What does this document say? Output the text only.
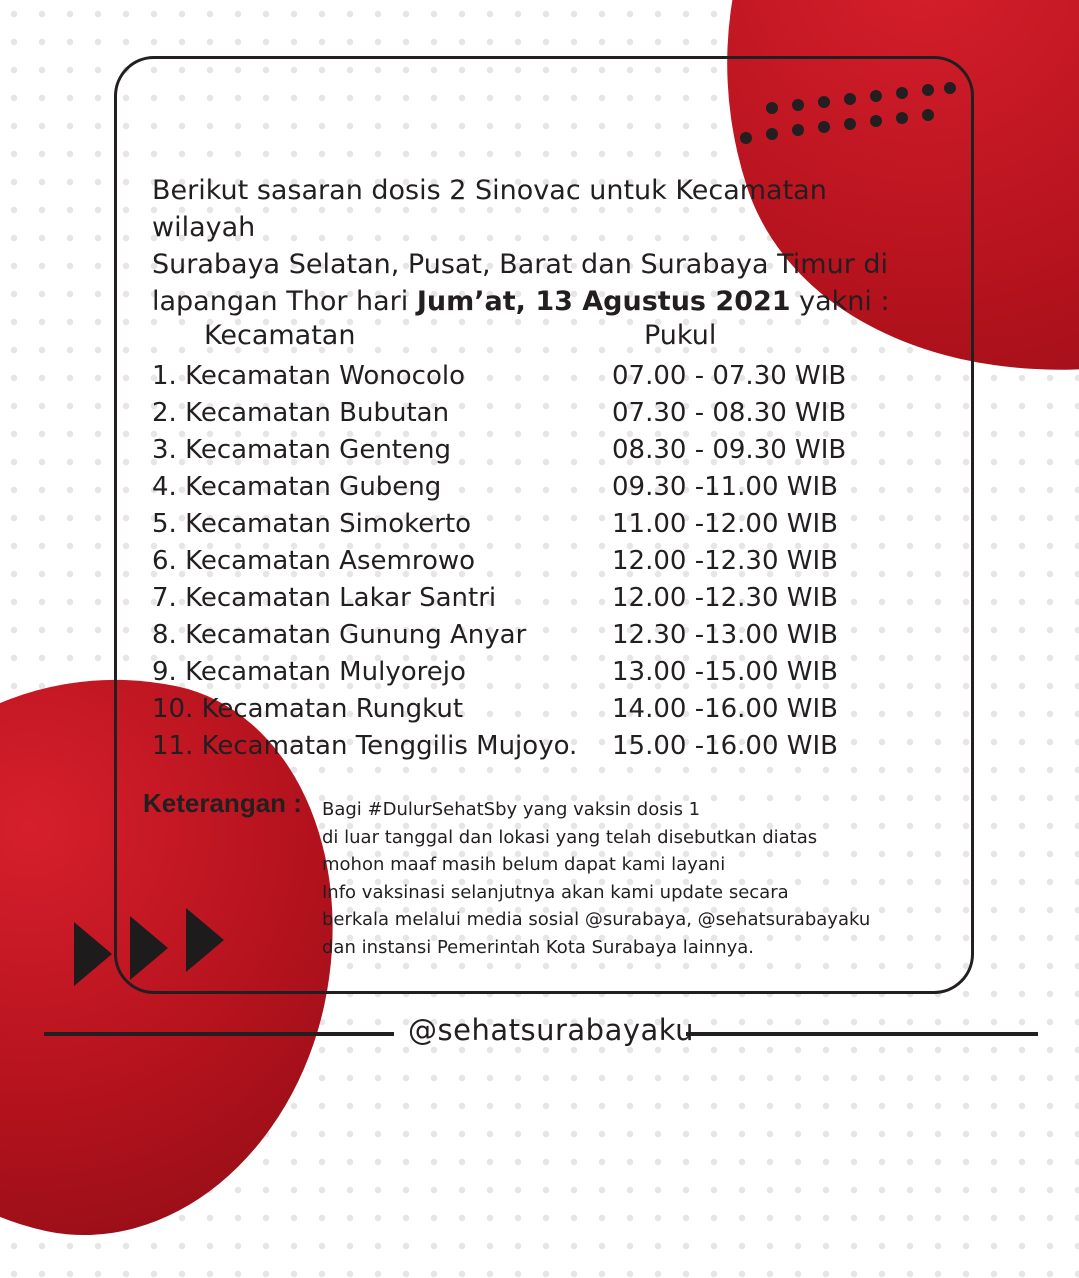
Berikut sasaran dosis 2 Sinovac untuk Kecamatan wilayah
Surabaya Selatan, Pusat, Barat dan Surabaya Timur di
lapangan Thor hari Jum’at, 13 Agustus 2021 yakni :

Kecamatan	Pukul
1. Kecamatan Wonocolo	07.00 - 07.30 WIB
2. Kecamatan Bubutan	07.30 - 08.30 WIB
3. Kecamatan Genteng	08.30 - 09.30 WIB
4. Kecamatan Gubeng	09.30 -11.00 WIB
5. Kecamatan Simokerto	11.00 -12.00 WIB
6. Kecamatan Asemrowo	12.00 -12.30 WIB
7. Kecamatan Lakar Santri	12.00 -12.30 WIB
8. Kecamatan Gunung Anyar	12.30 -13.00 WIB
9. Kecamatan Mulyorejo	13.00 -15.00 WIB
10. Kecamatan Rungkut	14.00 -16.00 WIB
11. Kecamatan Tenggilis Mujoyo. 15.00 -16.00 WIB
Keterangan : Bagi #DulurSehatSby yang vaksin dosis 1
di luar tanggal dan lokasi yang telah disebutkan diatas
mohon maaf masih belum dapat kami layani
Info vaksinasi selanjutnya akan kami update secara
berkala melalui media sosial @surabaya, @sehatsurabayaku
dan instansi Pemerintah Kota Surabaya lainnya.
@sehatsurabayaku
